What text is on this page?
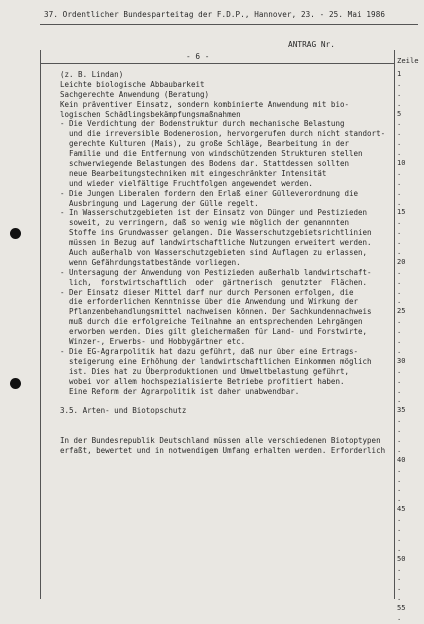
37. Ordentlicher Bundesparteitag der F.D.P., Hannover, 23. - 25. Mai 1986
ANTRAG Nr.
- 6 -	Zeile
1
.
.
.
5
.
.
.
.
10
.
.
.
.
15
.
.
.
.
20
.
.
.
.
25
.
.
.
.
30
.
.
.
.
35
.
.
.
.
40
.
.
.
.
45
.
.
.
.
50
.
.
.
.
55
.
(z. B. Lindan)
Leichte biologische Abbaubarkeit
Sachgerechte Anwendung (Beratung)
Kein präventiver Einsatz, sondern kombinierte Anwendung mit bio-
logischen Schädlingsbekämpfungsmaßnahmen
- Die Verdichtung der Bodenstruktur durch mechanische Belastung
und die irreversible Bodenerosion, hervorgerufen durch nicht standort-
gerechte Kulturen (Mais), zu große Schläge, Bearbeitung in der
Familie und die Entfernung von windschützenden Strukturen stellen
schwerwiegende Belastungen des Bodens dar. Stattdessen sollten
neue Bearbeitungstechniken mit eingeschränkter Intensität
und wieder vielfältige Fruchtfolgen angewendet werden.
- Die Jungen Liberalen fordern den Erlaß einer Gülleverordnung die
Ausbringung und Lagerung der Gülle regelt.
- In Wasserschutzgebieten ist der Einsatz von Dünger und Pestizieden
soweit, zu verringern, daß so wenig wie möglich der genannnten
Stoffe ins Grundwasser gelangen. Die Wasserschutzgebietsrichtlinien
müssen in Bezug auf landwirtschaftliche Nutzungen erweitert werden.
Auch außerhalb von Wasserschutzgebieten sind Auflagen zu erlassen,
wenn Gefährdungstatbestände vorliegen.
- Untersagung der Anwendung von Pestizieden außerhalb landwirtschaft-
lich,  forstwirtschaftlich  oder  gärtnerisch  genutzter  Flächen.
- Der Einsatz dieser Mittel darf nur durch Personen erfolgen, die
die erforderlichen Kenntnisse über die Anwendung und Wirkung der
Pflanzenbehandlungsmittel nachweisen können. Der Sachkundennachweis
muß durch die erfolgreiche Teilnahme an entsprechenden Lehrgängen
erworben werden. Dies gilt gleichermaßen für Land- und Forstwirte,
Winzer-, Erwerbs- und Hobbygärtner etc.
- Die EG-Agrarpolitik hat dazu geführt, daß nur über eine Ertrags-
steigerung eine Erhöhung der landwirtschaftlichen Einkommen möglich
ist. Dies hat zu Überproduktionen und Umweltbelastung geführt,
wobei vor allem hochspezialisierte Betriebe profitiert haben.
Eine Reform der Agrarpolitik ist daher unabwendbar.
3.5. Arten- und Biotopschutz
In der Bundesrepublik Deutschland müssen alle verschiedenen Biotoptypen
erfaßt, bewertet und in notwendigem Umfang erhalten werden. Erforderlich
